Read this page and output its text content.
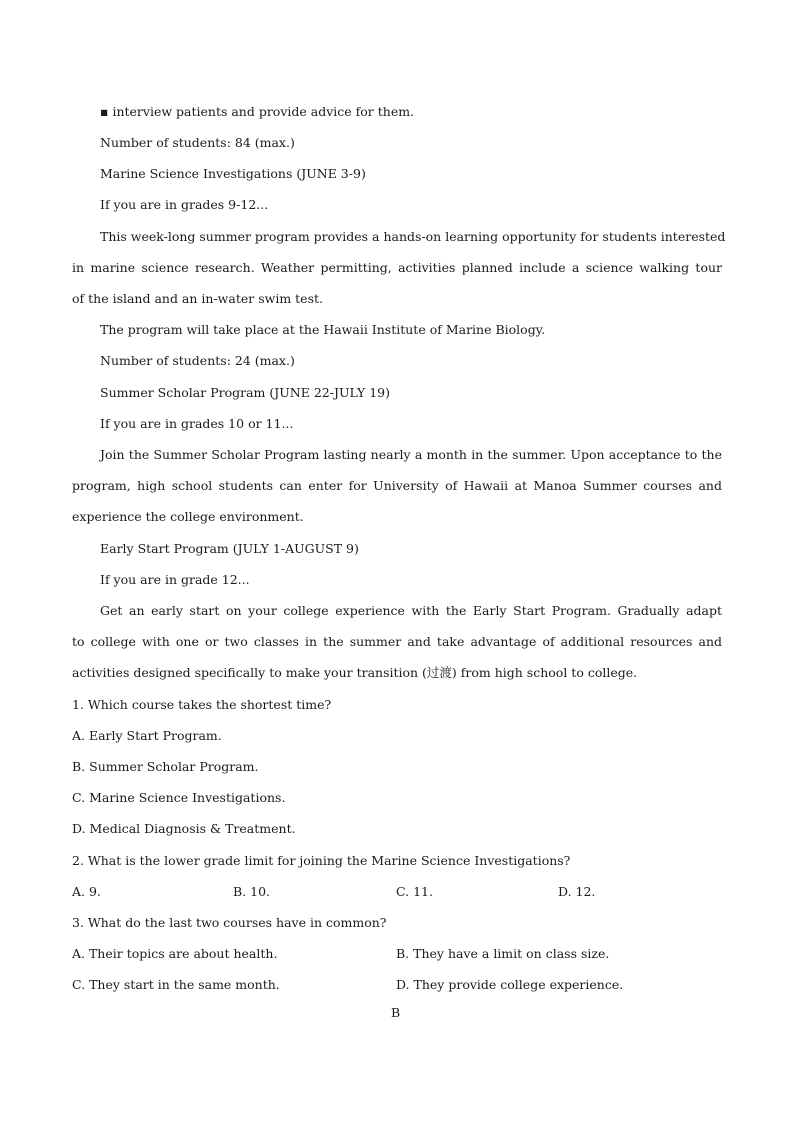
▪ interview patients and provide advice for them.
Number of students: 84 (max.)
Marine Science Investigations (JUNE 3-9)
If you are in grades 9-12...
This week-long summer program provides a hands-on learning opportunity for students interested
in marine science research. Weather permitting, activities planned include a science walking tour
of the island and an in-water swim test.
The program will take place at the Hawaii Institute of Marine Biology.
Number of students: 24 (max.)
Summer Scholar Program (JUNE 22-JULY 19)
If you are in grades 10 or 11...
Join the Summer Scholar Program lasting nearly a month in the summer. Upon acceptance to the
program, high school students can enter for University of Hawaii at Manoa Summer courses and
experience the college environment.
Early Start Program (JULY 1-AUGUST 9)
If you are in grade 12...
Get an early start on your college experience with the Early Start Program. Gradually adapt
to college with one or two classes in the summer and take advantage of additional resources and
activities designed specifically to make your transition (过渡) from high school to college.
1. Which course takes the shortest time?
A. Early Start Program.
B. Summer Scholar Program.
C. Marine Science Investigations.
D. Medical Diagnosis & Treatment.
2. What is the lower grade limit for joining the Marine Science Investigations?
A. 9.	B. 10.	C. 11.	D. 12.
3. What do the last two courses have in common?
A. Their topics are about health.	B. They have a limit on class size.
C. They start in the same month.	D. They provide college experience.
B
